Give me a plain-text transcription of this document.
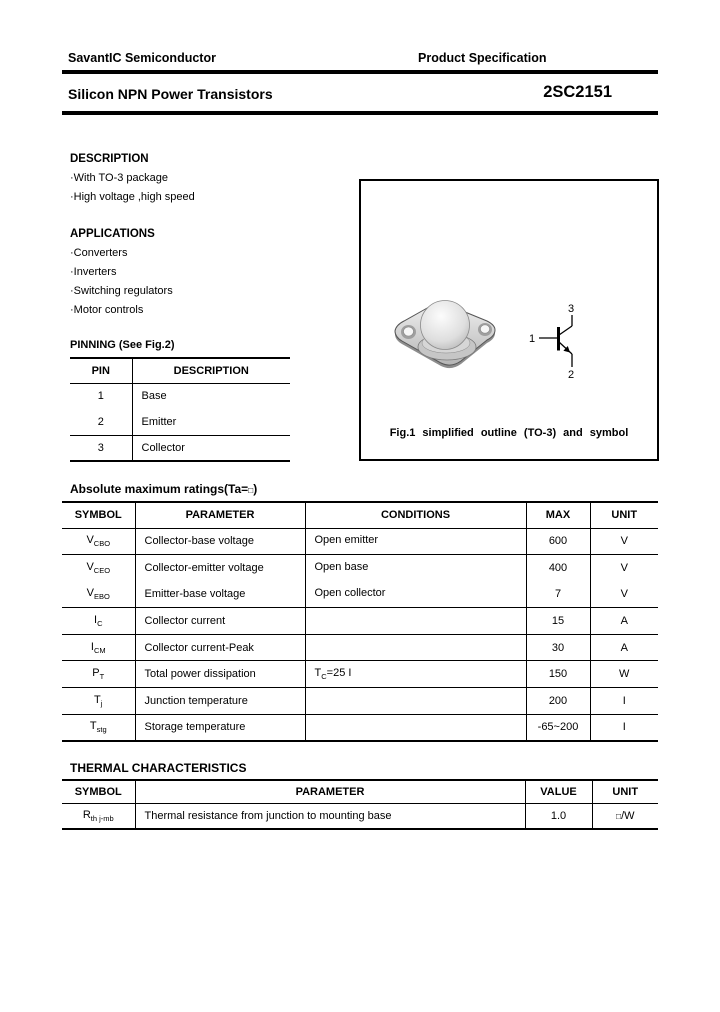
SavantIC Semiconductor	Product Specification
Silicon NPN Power Transistors	2SC2151
DESCRIPTION
·With TO-3 package
·High voltage ,high speed
APPLICATIONS
·Converters
·Inverters
·Switching regulators
·Motor controls
PINNING (See Fig.2)
PIN	DESCRIPTION
1	Base
2	Emitter
3	Collector
3
1
2
Fig.1 simplified outline (TO-3) and symbol
Absolute maximum ratings(Ta=□)
SYMBOL	PARAMETER	CONDITIONS	MAX	UNIT
$V_{CBO}$	Collector-base voltage	Open emitter	600	V
$V_{CEO}$	Collector-emitter voltage	Open base	400	V
$V_{EBO}$	Emitter-base voltage	Open collector	7	V
$I_C$	Collector current		15	A
$I_{CM}$	Collector current-Peak		30	A
$P_T$	Total power dissipation	$T_C=25$ I	150	W
$T_j$	Junction temperature		200	I
$T_{stg}$	Storage temperature		-65~200	I
THERMAL CHARACTERISTICS
SYMBOL	PARAMETER	VALUE	UNIT
$R_{th j-mb}$	Thermal resistance from junction to mounting base	1.0	□/W
